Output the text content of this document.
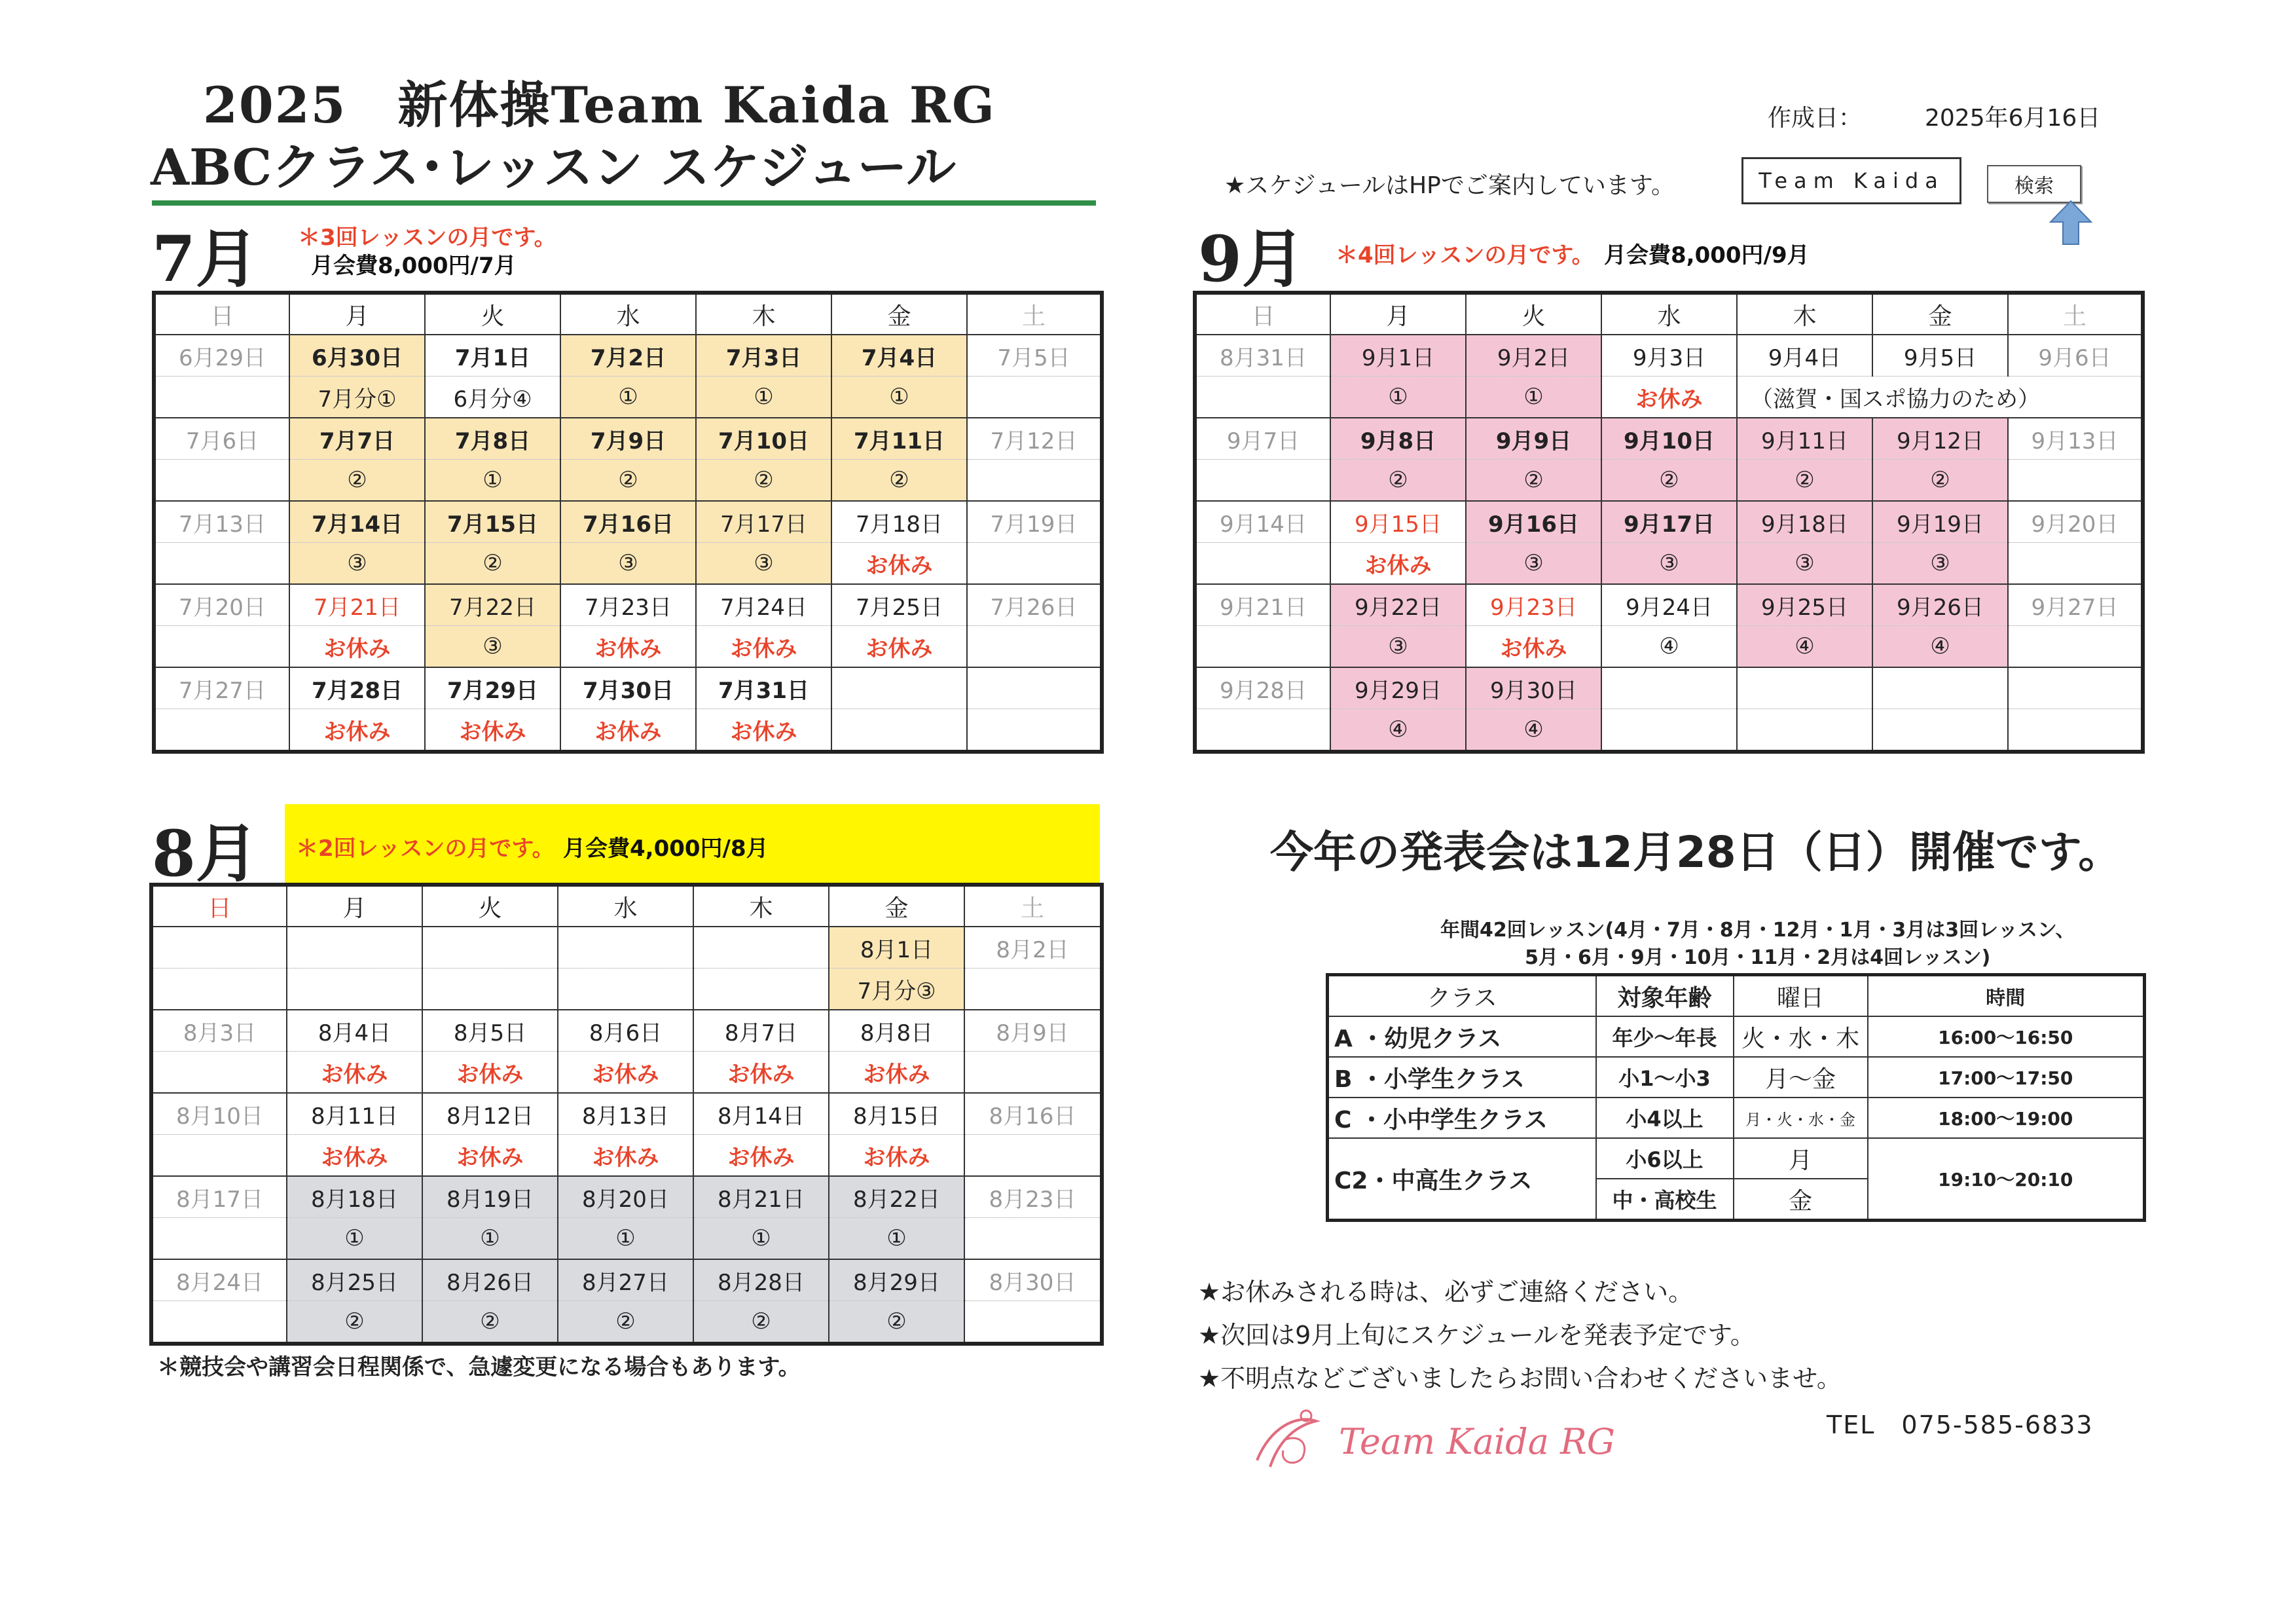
2025　新体操Team Kaida RG
ABCクラス･レッスン スケジュール
作成日：	2025年6月16日
★スケジュールはHPでご案内しています。	Team Kaida	検索
7月 ＊3回レッスンの月です。
月会費8,000円/7月
日	月	火	水	木	金	土
6月29日	6月30日	7月1日	7月2日	7月3日	7月4日	7月5日
	7月分①	6月分④	①	①	①	
7月6日	7月7日	7月8日	7月9日	7月10日	7月11日	7月12日
	②	①	②	②	②	
7月13日	7月14日	7月15日	7月16日	7月17日	7月18日	7月19日
	③	②	③	③	お休み	
7月20日	7月21日	7月22日	7月23日	7月24日	7月25日	7月26日
	お休み	③	お休み	お休み	お休み	
7月27日	7月28日	7月29日	7月30日	7月31日		
	お休み	お休み	お休み	お休み		
9月 ＊4回レッスンの月です。 月会費8,000円/9月
日	月	火	水	木	金	土
8月31日	9月1日	9月2日	9月3日	9月4日	9月5日	9月6日
	①	①	お休み	（滋賀・国スポ協力のため）		
9月7日	9月8日	9月9日	9月10日	9月11日	9月12日	9月13日
	②	②	②	②	②	
9月14日	9月15日	9月16日	9月17日	9月18日	9月19日	9月20日
	お休み	③	③	③	③	
9月21日	9月22日	9月23日	9月24日	9月25日	9月26日	9月27日
	③	お休み	④	④	④	
9月28日	9月29日	9月30日				
	④	④				
8月 ＊2回レッスンの月です。 月会費4,000円/8月
日	月	火	水	木	金	土
					8月1日	8月2日
					7月分③	
8月3日	8月4日	8月5日	8月6日	8月7日	8月8日	8月9日
	お休み	お休み	お休み	お休み	お休み	
8月10日	8月11日	8月12日	8月13日	8月14日	8月15日	8月16日
	お休み	お休み	お休み	お休み	お休み	
8月17日	8月18日	8月19日	8月20日	8月21日	8月22日	8月23日
	①	①	①	①	①	
8月24日	8月25日	8月26日	8月27日	8月28日	8月29日	8月30日
	②	②	②	②	②	
＊競技会や講習会日程関係で、急遽変更になる場合もあります。
今年の発表会は12月28日（日）開催です。
年間42回レッスン(4月・7月・8月・12月・1月・3月は3回レッスン、
5月・6月・9月・10月・11月・2月は4回レッスン)
クラス	対象年齢	曜日	時間
A ・幼児クラス	年少～年長	火・水・木	16:00～16:50
B ・小学生クラス	小1～小3	月～金	17:00～17:50
C ・小中学生クラス	小4以上	月・火・水・金	18:00～19:00
C2・中高生クラス	小6以上	月	19:10～20:10
	中・高校生	金	
★お休みされる時は、必ずご連絡ください。
★次回は9月上旬にスケジュールを発表予定です。
★不明点などございましたらお問い合わせくださいませ。
TEL　075-585-6833
Team Kaida RG
